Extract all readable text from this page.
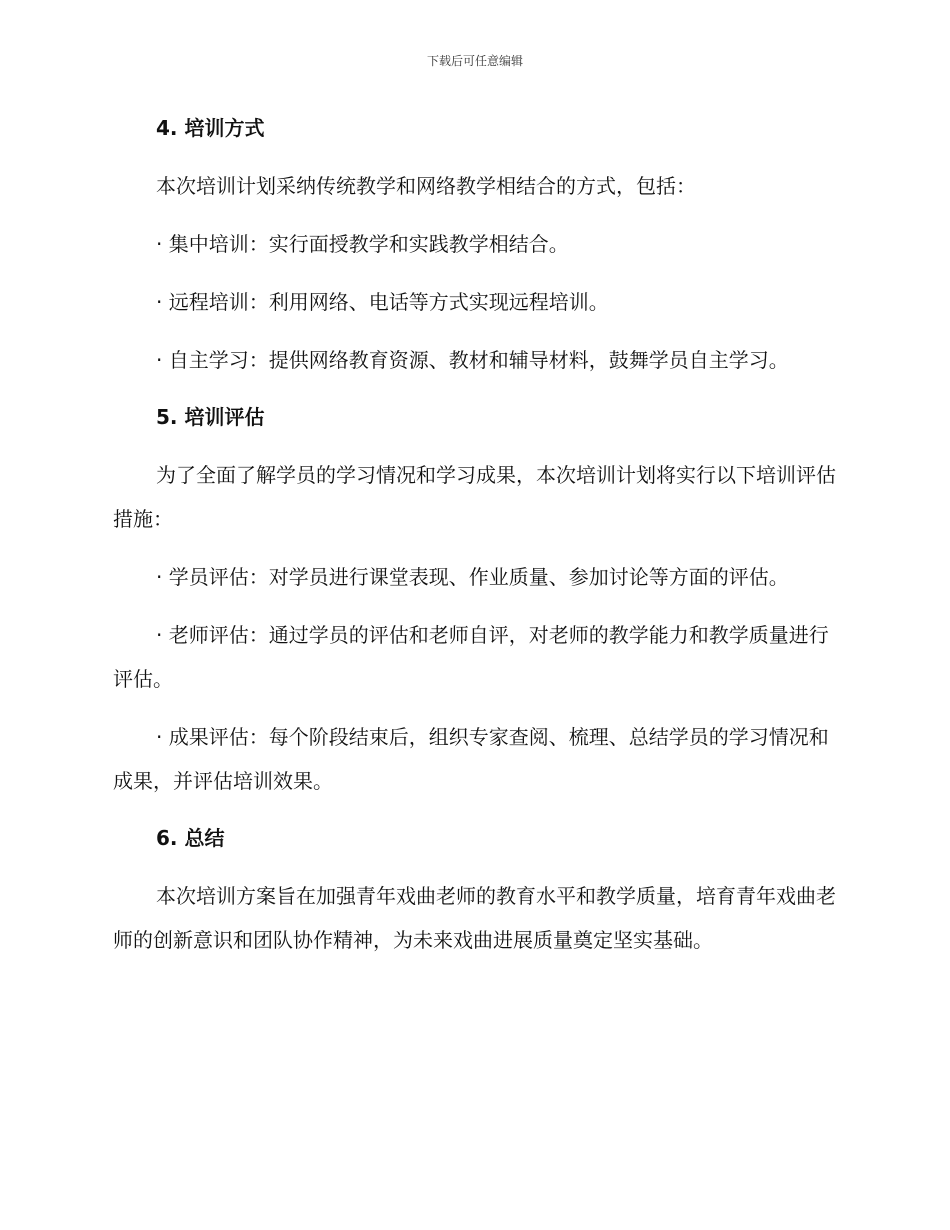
下载后可任意编辑
4. 培训方式

本次培训计划采纳传统教学和网络教学相结合的方式，包括：

· 集中培训：实行面授教学和实践教学相结合。

· 远程培训：利用网络、电话等方式实现远程培训。

· 自主学习：提供网络教育资源、教材和辅导材料，鼓舞学员自主学习。

5. 培训评估

为了全面了解学员的学习情况和学习成果，本次培训计划将实行以下培训评估措施：

· 学员评估：对学员进行课堂表现、作业质量、参加讨论等方面的评估。

· 老师评估：通过学员的评估和老师自评，对老师的教学能力和教学质量进行评估。

· 成果评估：每个阶段结束后，组织专家查阅、梳理、总结学员的学习情况和成果，并评估培训效果。

6. 总结

本次培训方案旨在加强青年戏曲老师的教育水平和教学质量，培育青年戏曲老师的创新意识和团队协作精神，为未来戏曲进展质量奠定坚实基础。
